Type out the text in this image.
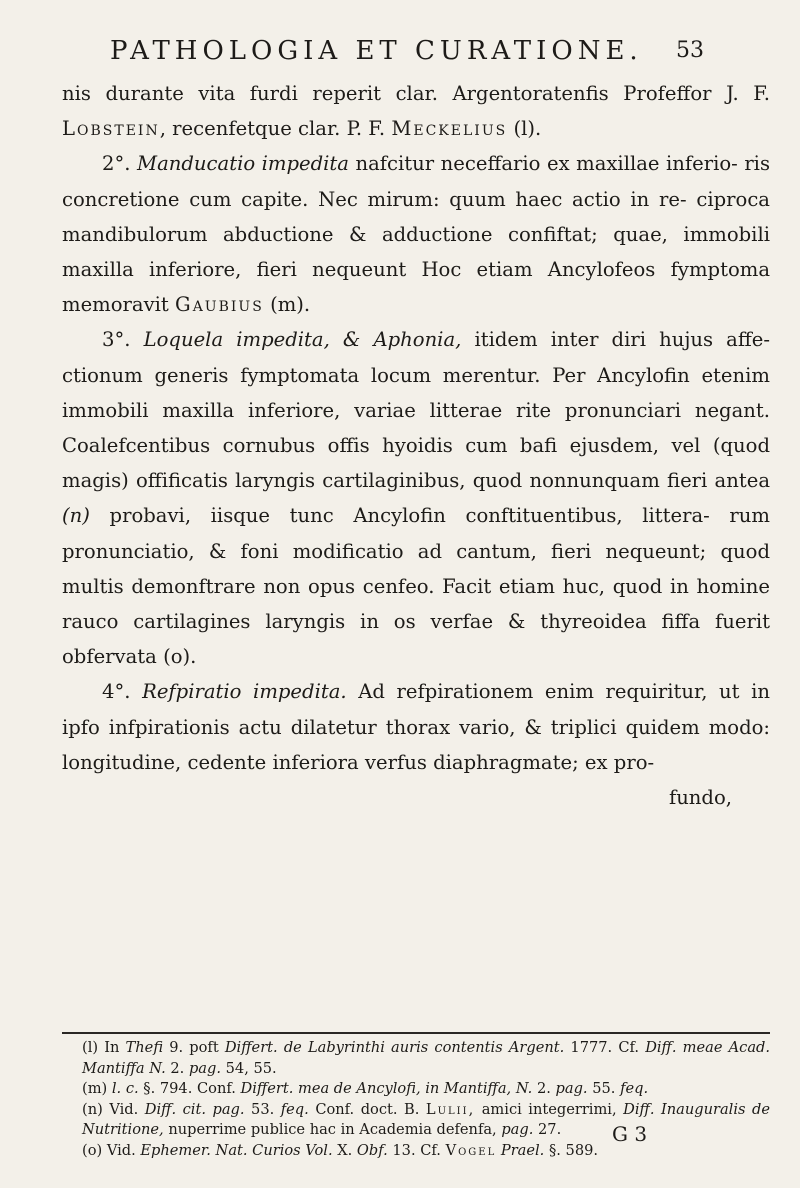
PATHOLOGIA ET CURATIONE. 53

nis durante vita furdi reperit clar. Argentoratenfis Profeffor J. F. Lobstein, recenfetque clar. P. F. Meckelius (l).

2°. Manducatio impedita nafcitur neceffario ex maxillae inferio- ris concretione cum capite. Nec mirum: quum haec actio in re- ciproca mandibulorum abductione & adductione confiftat; quae, immobili maxilla inferiore, fieri nequeunt Hoc etiam Ancylofeos fymptoma memoravit Gaubius (m).

3°. Loquela impedita, & Aphonia, itidem inter diri hujus affe- ctionum generis fymptomata locum merentur. Per Ancylofin etenim immobili maxilla inferiore, variae litterae rite pronunciari negant. Coalefcentibus cornubus offis hyoidis cum bafi ejusdem, vel (quod magis) offificatis laryngis cartilaginibus, quod nonnunquam fieri antea (n) probavi, iisque tunc Ancylofin conftituentibus, littera- rum pronunciatio, & foni modificatio ad cantum, fieri nequeunt; quod multis demonftrare non opus cenfeo. Facit etiam huc, quod in homine rauco cartilagines laryngis in os verfae & thyreoidea fiffa fuerit obfervata (o).

4°. Refpiratio impedita. Ad refpirationem enim requiritur, ut in ipfo infpirationis actu dilatetur thorax vario, & triplici quidem modo: longitudine, cedente inferiora verfus diaphragmate; ex pro-

fundo,

(l) In Thefi 9. poft Differt. de Labyrinthi auris contentis Argent. 1777. Cf. Diff. meae Acad. Mantiffa N. 2. pag. 54, 55.

(m) l. c. §. 794. Conf. Differt. mea de Ancylofi, in Mantiffa, N. 2. pag. 55. feq.

(n) Vid. Diff. cit. pag. 53. feq. Conf. doct. B. Lulii, amici integerrimi, Diff. Inauguralis de Nutritione, nuperrime publice hac in Academia defenfa, pag. 27.

(o) Vid. Ephemer. Nat. Curios Vol. X. Obf. 13. Cf. Vogel Prael. §. 589.

G 3
